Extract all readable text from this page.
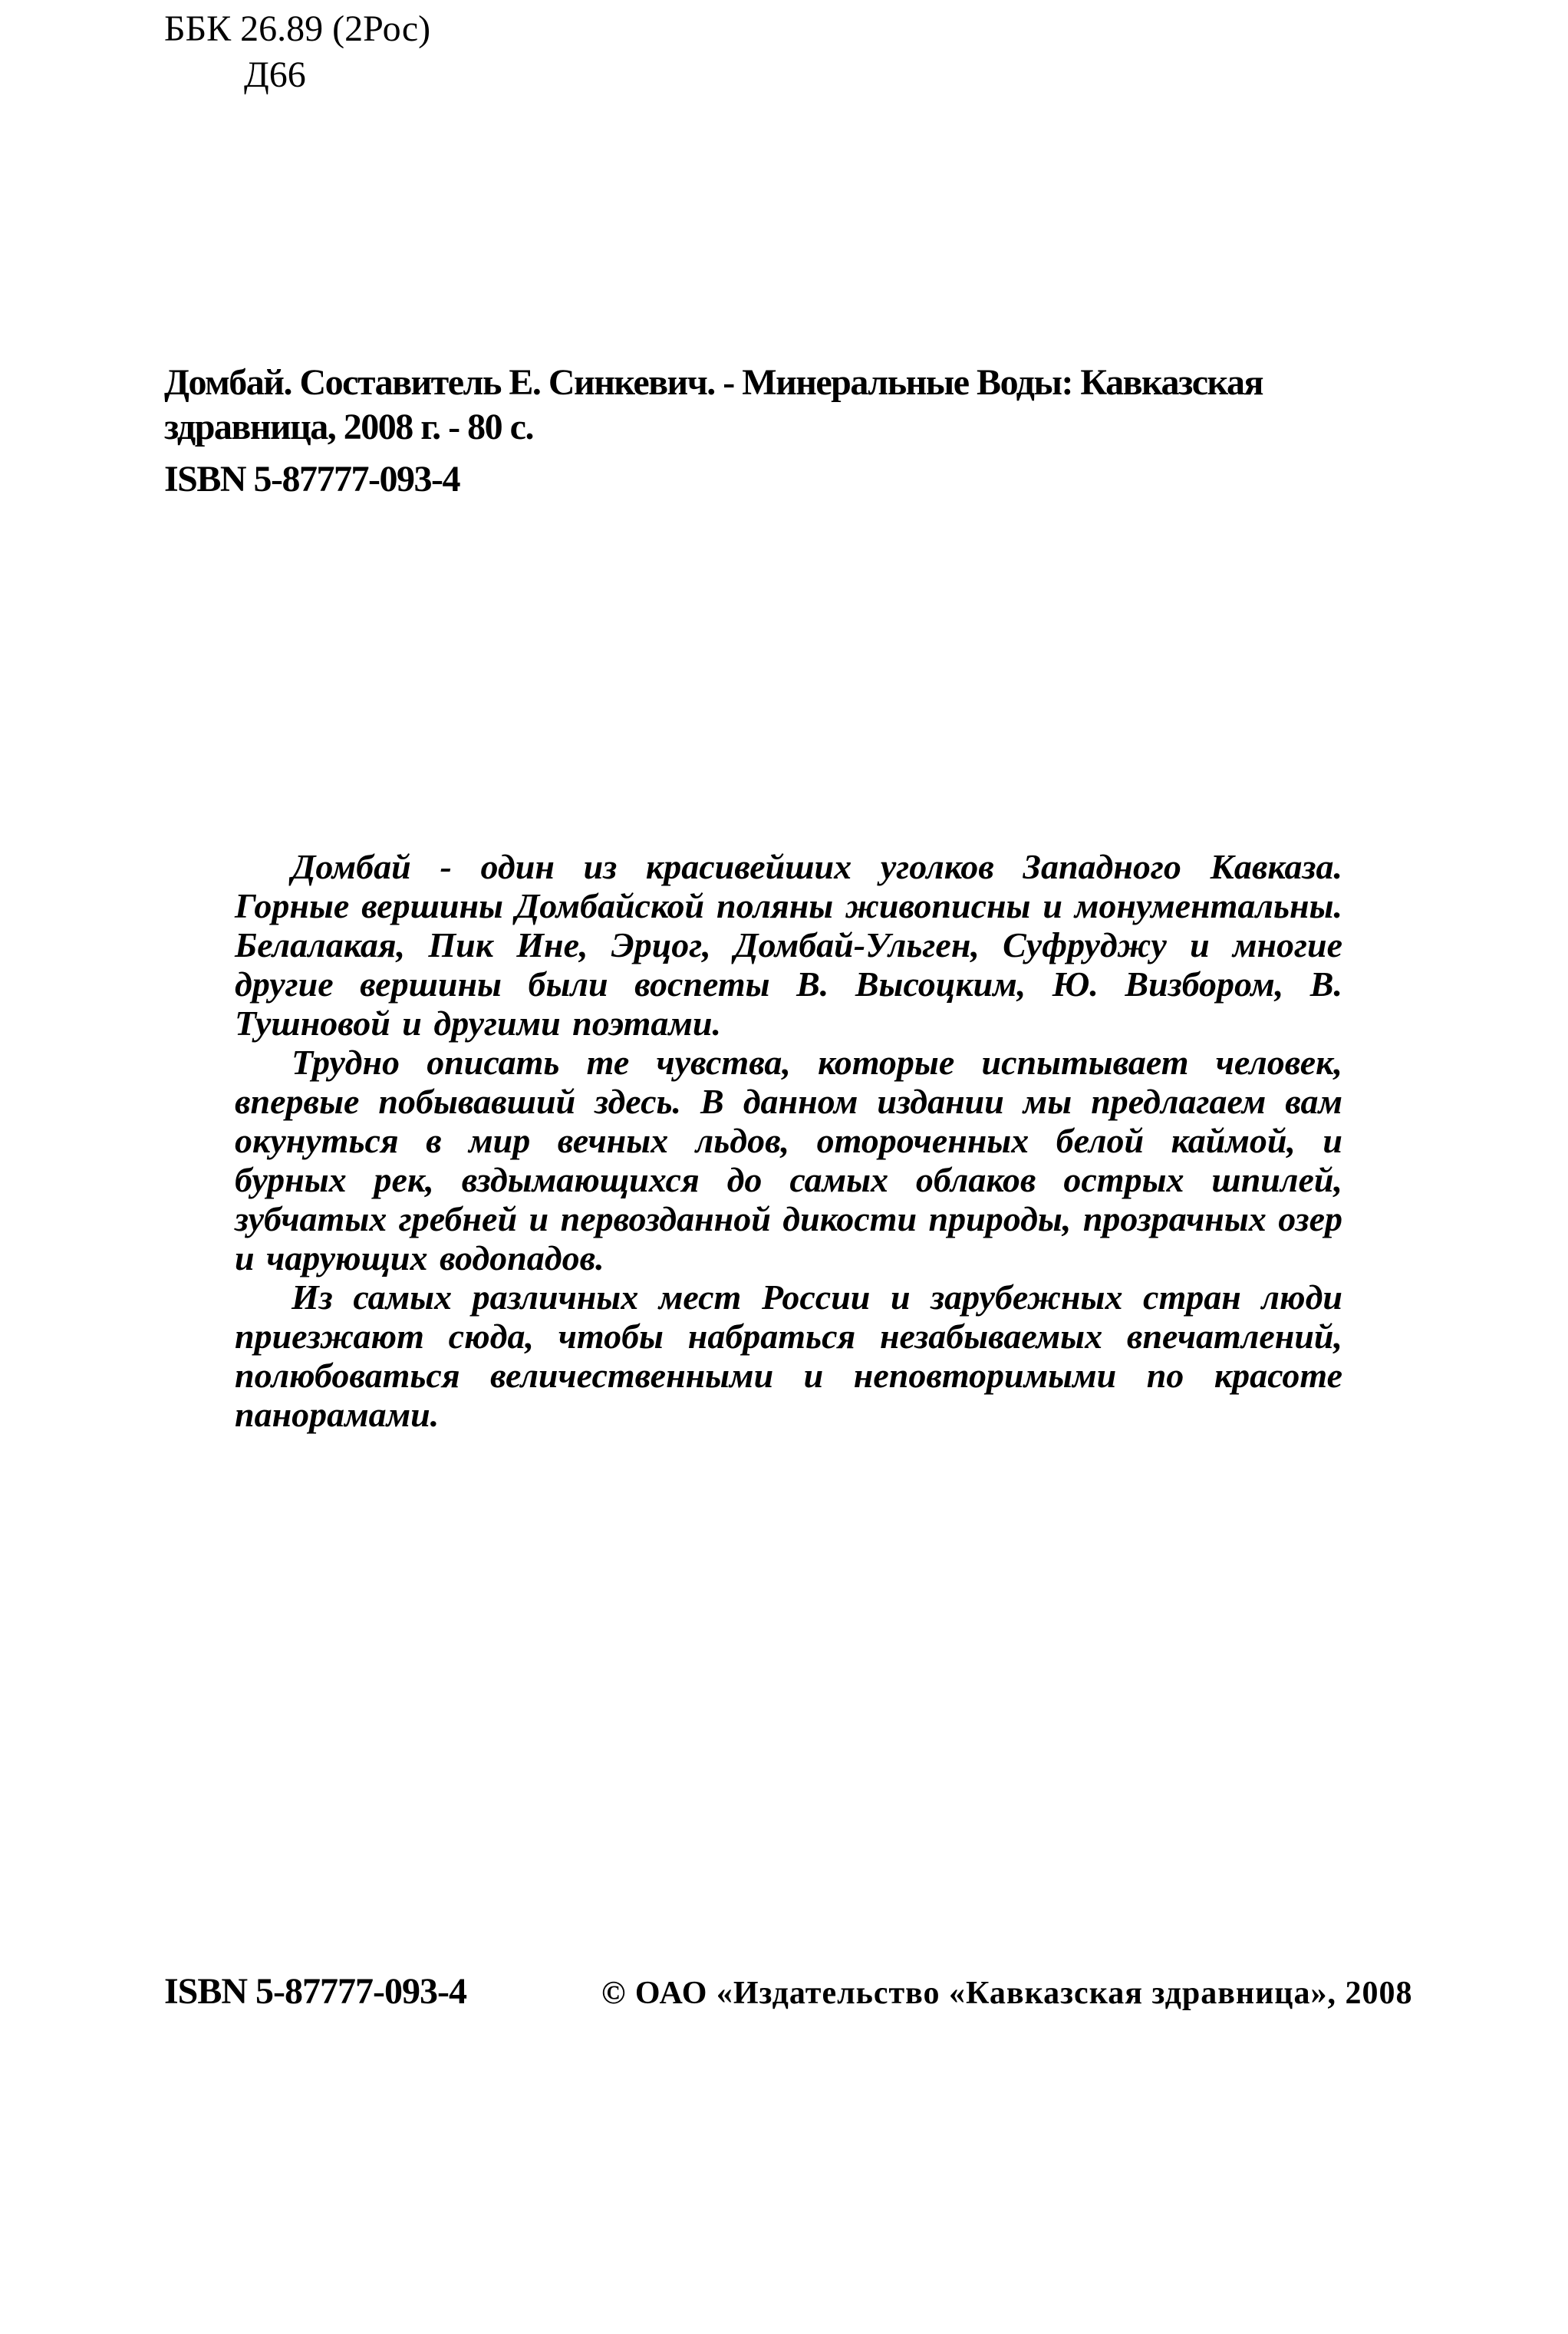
ББК 26.89 (2Рос)
Д66

Домбай. Составитель Е. Синкевич. - Минеральные Воды: Кавказская здравница, 2008 г. - 80 с.

ISBN 5-87777-093-4

Домбай - один из красивейших уголков Западного Кавказа. Горные вершины Домбайской поляны живописны и монументальны. Белалакая, Пик Ине, Эрцог, Домбай-Ульген, Суфруджу и многие другие вершины были воспеты В. Высоцким, Ю. Визбором, В. Тушновой и другими поэтами.

Трудно описать те чувства, которые испытывает человек, впервые побывавший здесь. В данном издании мы предлагаем вам окунуться в мир вечных льдов, отороченных белой каймой, и бурных рек, вздымающихся до самых облаков острых шпилей, зубчатых гребней и первозданной дикости природы, прозрачных озер и чарующих водопадов.

Из самых различных мест России и зарубежных стран люди приезжают сюда, чтобы набраться незабываемых впечатлений, полюбоваться величественными и неповторимыми по красоте панорамами.

ISBN 5-87777-093-4	© ОАО «Издательство «Кавказская здравница», 2008
